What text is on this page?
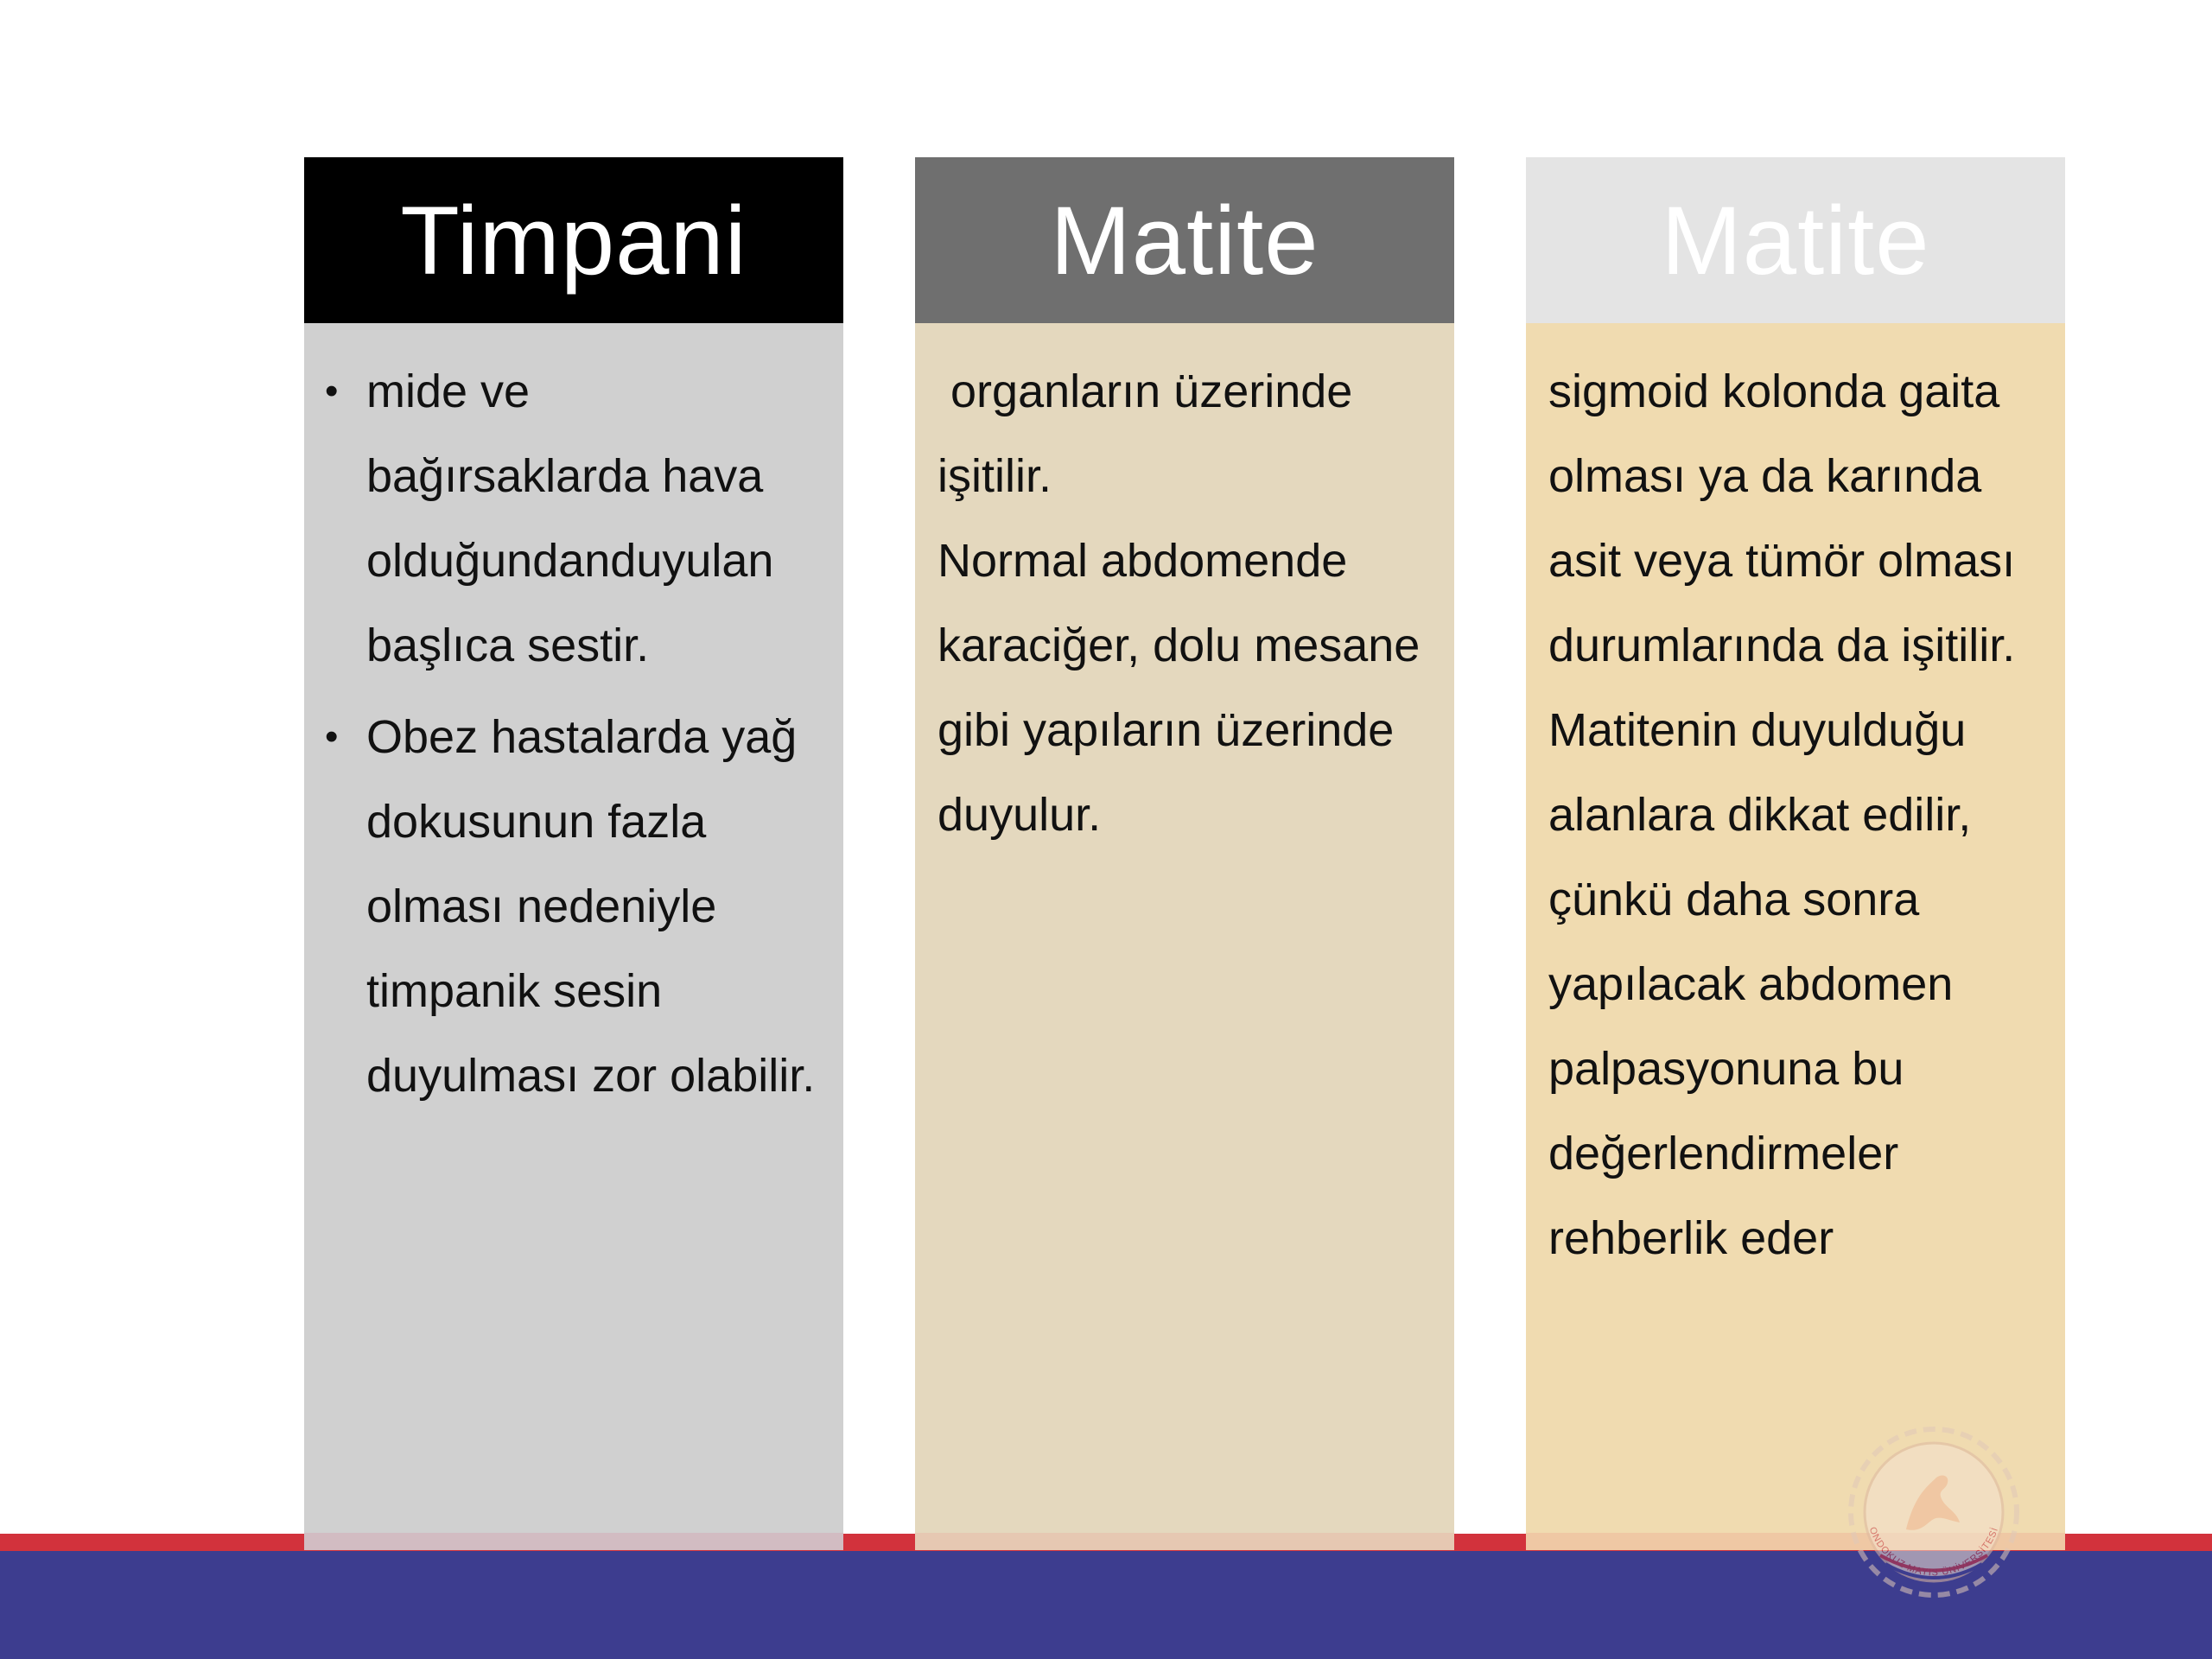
Timpani
• mide ve bağırsaklarda hava olduğundanduyulan başlıca sestir.
• Obez hastalarda yağ dokusunun fazla olması nedeniyle timpanik sesin duyulması zor olabilir.
Matite

organların üzerinde işitilir.

Normal abdomende karaciğer, dolu mesane gibi yapıların üzerinde duyulur.

Matite

sigmoid kolonda gaita olması ya da karında asit veya tümör olması durumlarında da işitilir.

Matitenin duyulduğu alanlara dikkat edilir, çünkü daha sonra yapılacak abdomen palpasyonuna bu değerlendirmeler rehberlik eder

ONDOKUZ MAYIS ÜNİVERSİTESİ
